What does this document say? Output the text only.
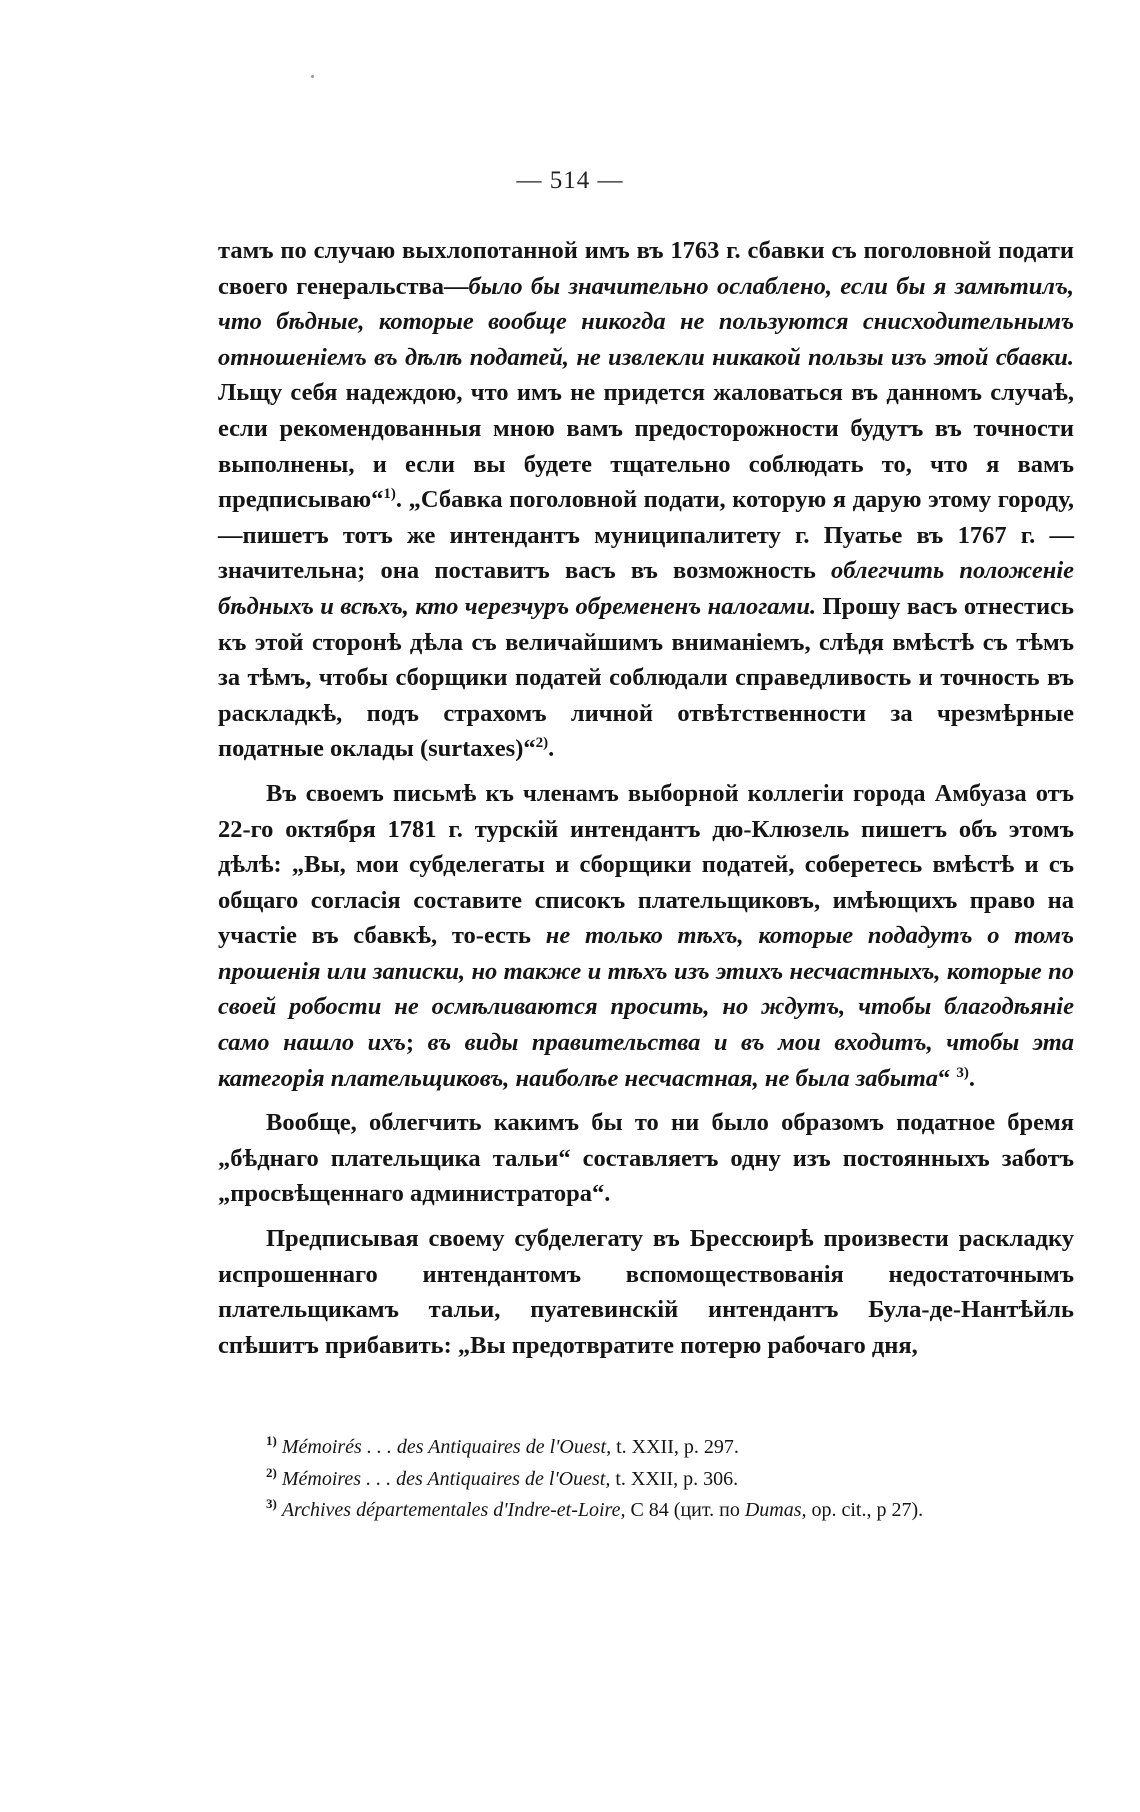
— 514 —

тамъ по случаю выхлопотанной имъ въ 1763 г. сбавки съ поголовной подати своего генеральства—было бы значительно ослаблено, если бы я замѣтилъ, что бѣдные, которые вообще никогда не пользуются снисходительнымъ отношеніемъ въ дѣлѣ податей, не извлекли никакой пользы изъ этой сбавки. Льщу себя надеждою, что имъ не придется жаловаться въ данномъ случаѣ, если рекомендованныя мною вамъ предосторожности будутъ въ точности выполнены, и если вы будете тщательно соблюдать то, что я вамъ предписываю“$^{1)}$. „Сбавка поголовной подати, которую я дарую этому городу,—пишетъ тотъ же интендантъ муниципалитету г. Пуатье въ 1767 г. —значительна; она поставитъ васъ въ возможность облегчить положеніе бѣдныхъ и всѣхъ, кто черезчуръ обремененъ налогами. Прошу васъ отнестись къ этой сторонѣ дѣла съ величайшимъ вниманіемъ, слѣдя вмѣстѣ съ тѣмъ за тѣмъ, чтобы сборщики податей соблюдали справедливость и точность въ раскладкѣ, подъ страхомъ личной отвѣтственности за чрезмѣрные податные оклады (surtaxes)“$^{2)}$.

Въ своемъ письмѣ къ членамъ выборной коллегіи города Амбуаза отъ 22-го октября 1781 г. турскій интендантъ дю-Клюзель пишетъ объ этомъ дѣлѣ: „Вы, мои субделегаты и сборщики податей, соберетесь вмѣстѣ и съ общаго согласія составите списокъ плательщиковъ, имѣющихъ право на участіе въ сбавкѣ, то-есть не только тѣхъ, которые подадутъ о томъ прошенія или записки, но также и тѣхъ изъ этихъ несчастныхъ, которые по своей робости не осмѣливаются просить, но ждутъ, чтобы благодѣяніе само нашло ихъ; въ виды правительства и въ мои входитъ, чтобы эта категорія плательщиковъ, наиболѣе несчастная, не была забыта“ $^{3)}$.

Вообще, облегчить какимъ бы то ни было образомъ податное бремя „бѣднаго плательщика тальи“ составляетъ одну изъ постоянныхъ заботъ „просвѣщеннаго администратора“.

Предписывая своему субделегату въ Брессюирѣ произвести раскладку испрошеннаго интендантомъ вспомоществованія недостаточнымъ плательщикамъ тальи, пуатевинскій интендантъ Була-де-Нантѣйль спѣшитъ прибавить: „Вы предотвратите потерю рабочаго дня,

$^{1)}$ Mémoirés . . . des Antiquaires de l'Ouest, t. XXII, p. 297.

$^{2)}$ Mémoires . . . des Antiquaires de l'Ouest, t. XXII, p. 306.

$^{3)}$ Archives départementales d'Indre-et-Loire, C 84 (цит. по Dumas, op. cit., p 27).
